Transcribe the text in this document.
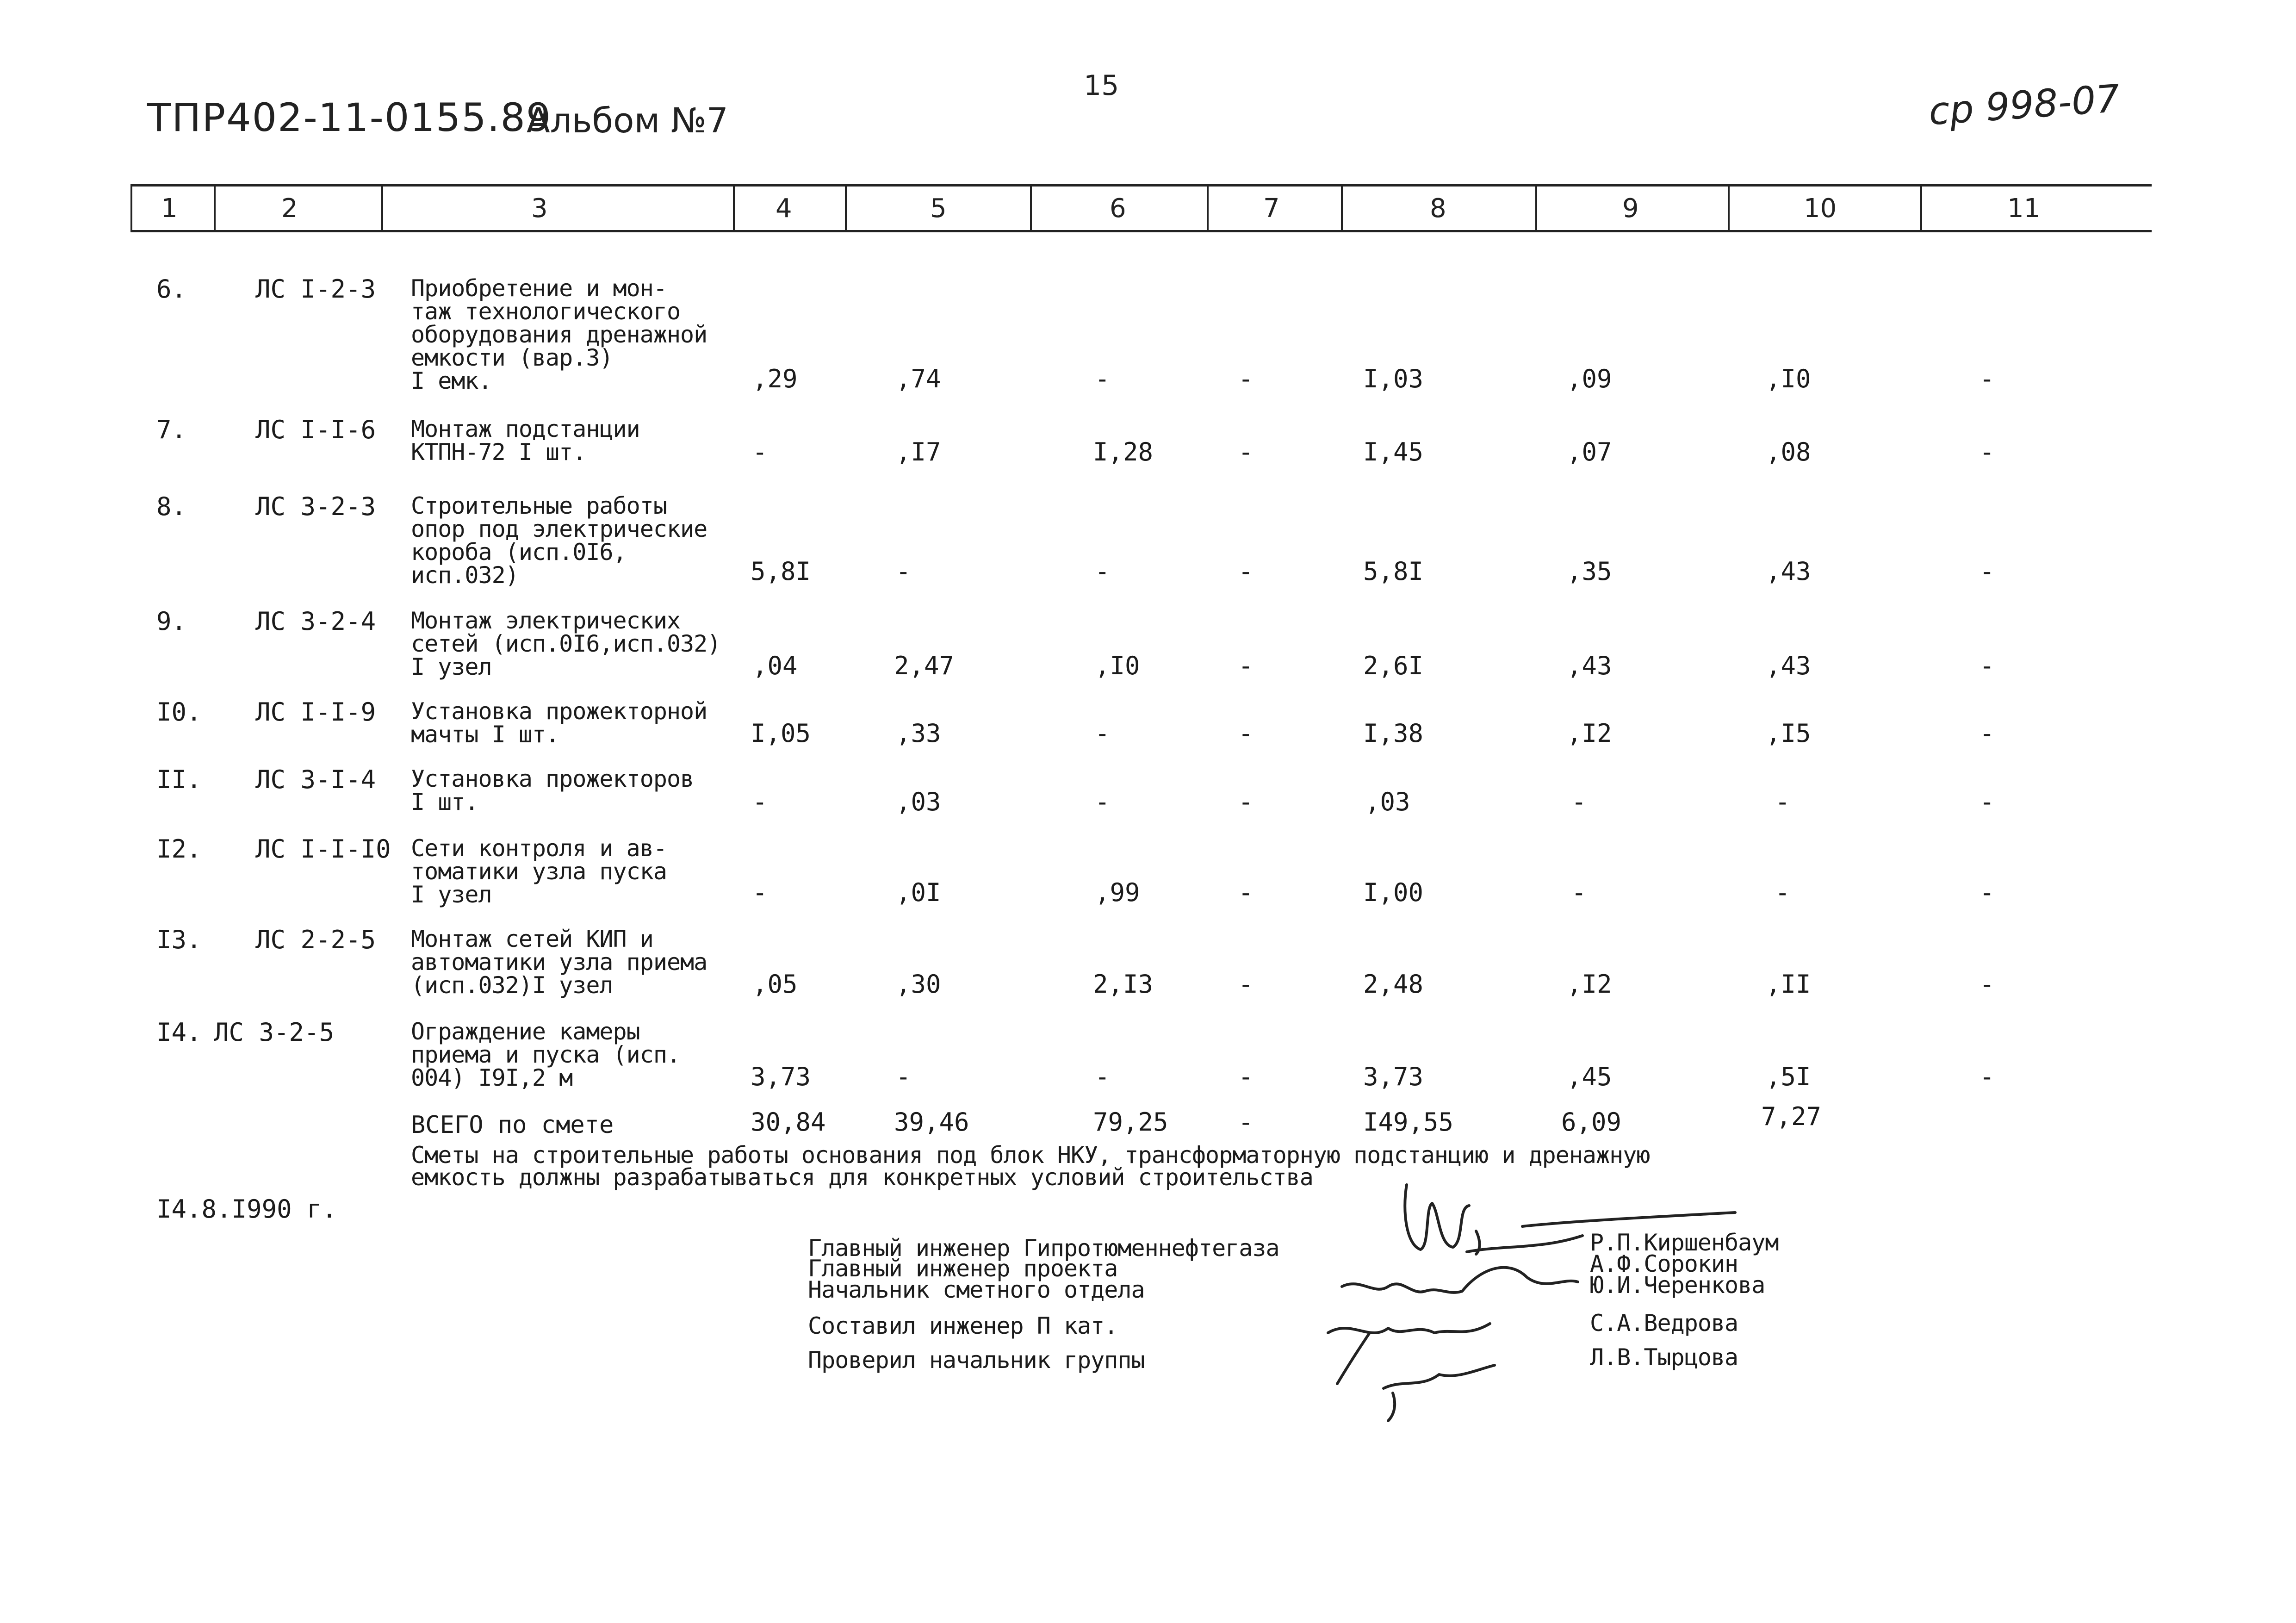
ТПР402-11-0155.89
Альбом №7
15	ср 998-07
1	2	3	4	5	6	7	8	9	10	11
6.	ЛС I-2-3 Приобретение и мон-
таж технологического
оборудования дренажной
емкости (вар.3)
I емк.	,29	,74	-	-	I,03	,09	,I0	-
7.	ЛС I-I-6 Монтаж подстанции
КТПН-72 I шт.	-	,I7	I,28	-	I,45	,07	,08	-
8.	ЛС 3-2-3 Строительные работы
опор под электрические
короба (исп.0I6,
исп.032)	5,8I	-	-	-	5,8I	,35	,43	-
9.	ЛС 3-2-4 Монтаж электрических
сетей (исп.0I6,исп.032)
I узел	,04	2,47	,I0	-	2,6I	,43	,43	-
I0. ЛС I-I-9 Установка прожекторной
мачты I шт.	I,05	,33	-	-	I,38	,I2	,I5	-
II. ЛС 3-I-4 Установка прожекторов
I шт.	-	,03	-	-	,03	-	-	-
I2. ЛС I-I-I0 Сети контроля и ав-
томатики узла пуска
I узел	-	,0I	,99	-	I,00	-	-	-
I3. ЛС 2-2-5 Монтаж сетей КИП и
автоматики узла приема
(исп.032)I узел	,05	,30	2,I3	-	2,48	,I2	,II	-
I4. ЛС 3-2-5	Ограждение камеры
приема и пуска (исп.
004) I9I,2 м	3,73	-	-	-	3,73	,45	,5I	-
ВСЕГО по смете	30,84	39,46	79,25	-	I49,55	6,09	7,27
Сметы на строительные работы основания под блок НКУ, трансформаторную подстанцию и дренажную
емкость должны разрабатываться для конкретных условий строительства
I4.8.I990 г.
Главный инженер Гипротюменнефтегаза
Главный инженер проекта
Начальник сметного отдела
Составил инженер П кат.
Проверил начальник группы
Р.П.Киршенбаум
А.Ф.Сорокин
Ю.И.Черенкова
С.А.Ведрова
Л.В.Тырцова
